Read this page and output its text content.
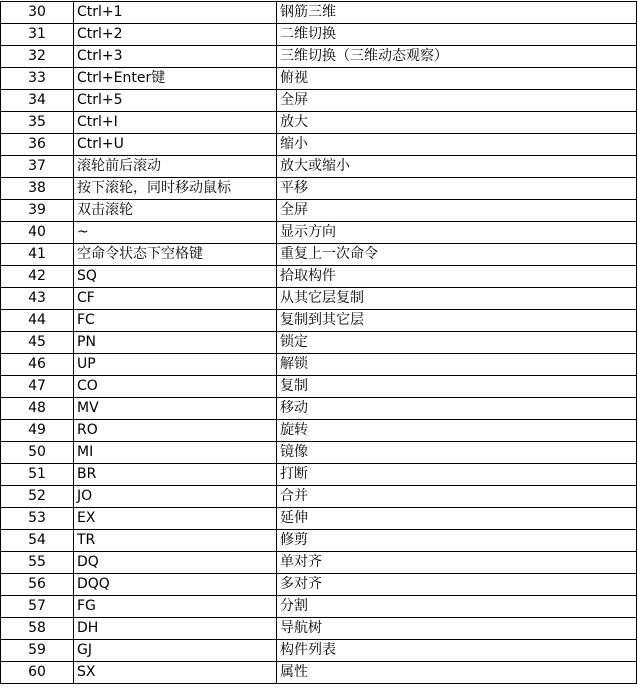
30	Ctrl+1	钢筋三维
31	Ctrl+2	二维切换
32	Ctrl+3	三维切换（三维动态观察）
33	Ctrl+Enter键	俯视
34	Ctrl+5	全屏
35	Ctrl+I	放大
36	Ctrl+U	缩小
37	滚轮前后滚动	放大或缩小
38	按下滚轮，同时移动鼠标	平移
39	双击滚轮	全屏
40	~	显示方向
41	空命令状态下空格键	重复上一次命令
42	SQ	拾取构件
43	CF	从其它层复制
44	FC	复制到其它层
45	PN	锁定
46	UP	解锁
47	CO	复制
48	MV	移动
49	RO	旋转
50	MI	镜像
51	BR	打断
52	JO	合并
53	EX	延伸
54	TR	修剪
55	DQ	单对齐
56	DQQ	多对齐
57	FG	分割
58	DH	导航树
59	GJ	构件列表
60	SX	属性
